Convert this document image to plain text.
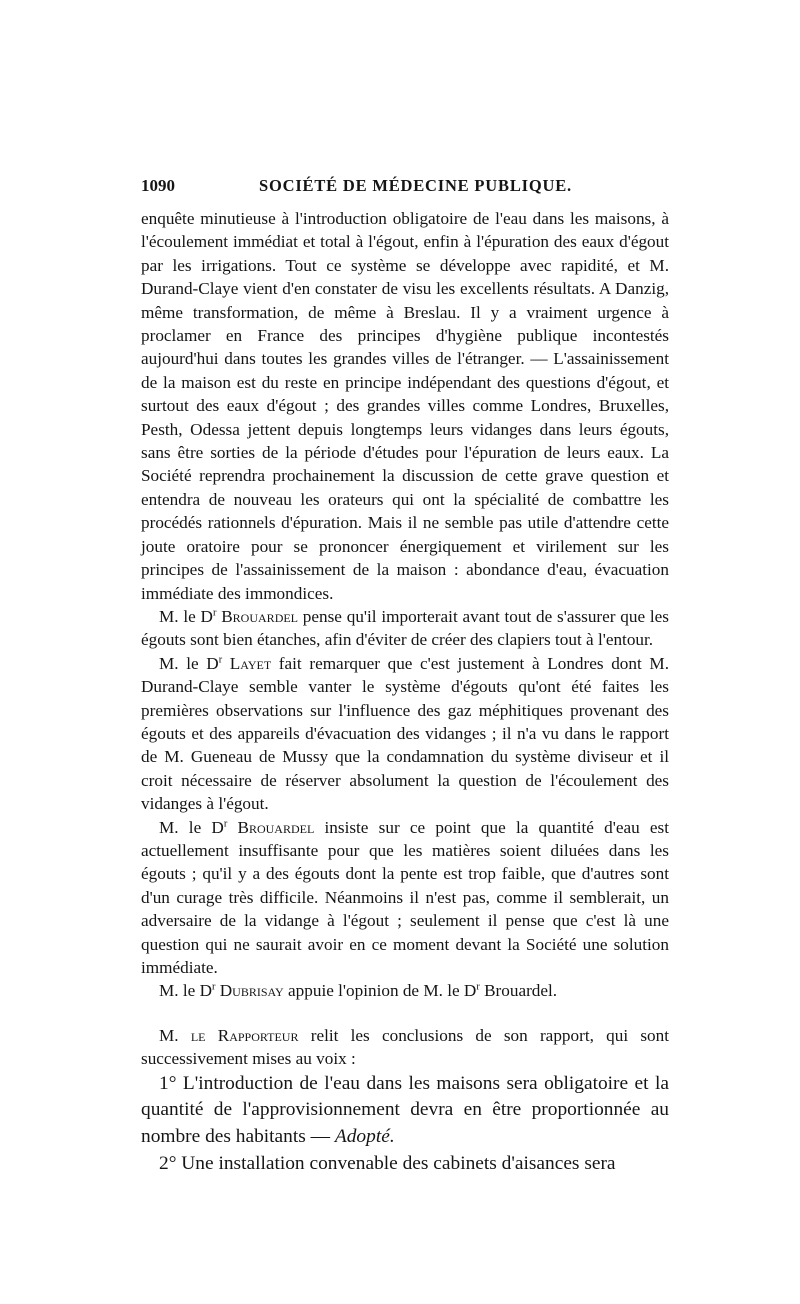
1090	SOCIÉTÉ DE MÉDECINE PUBLIQUE.

enquête minutieuse à l'introduction obligatoire de l'eau dans les maisons, à l'écoulement immédiat et total à l'égout, enfin à l'épuration des eaux d'égout par les irrigations. Tout ce système se développe avec rapidité, et M. Durand-Claye vient d'en constater de visu les excellents résultats. A Danzig, même transformation, de même à Breslau. Il y a vraiment urgence à proclamer en France des principes d'hygiène publique incontestés aujourd'hui dans toutes les grandes villes de l'étranger. — L'assainissement de la maison est du reste en principe indépendant des questions d'égout, et surtout des eaux d'égout ; des grandes villes comme Londres, Bruxelles, Pesth, Odessa jettent depuis longtemps leurs vidanges dans leurs égouts, sans être sorties de la période d'études pour l'épuration de leurs eaux. La Société reprendra prochainement la discussion de cette grave question et entendra de nouveau les orateurs qui ont la spécialité de combattre les procédés rationnels d'épuration. Mais il ne semble pas utile d'attendre cette joute oratoire pour se prononcer énergiquement et virilement sur les principes de l'assainissement de la maison : abondance d'eau, évacuation immédiate des immondices.

M. le $D^r$ Brouardel pense qu'il importerait avant tout de s'assurer que les égouts sont bien étanches, afin d'éviter de créer des clapiers tout à l'entour.

M. le $D^r$ Layet fait remarquer que c'est justement à Londres dont M. Durand-Claye semble vanter le système d'égouts qu'ont été faites les premières observations sur l'influence des gaz méphitiques provenant des égouts et des appareils d'évacuation des vidanges ; il n'a vu dans le rapport de M. Gueneau de Mussy que la condamnation du système diviseur et il croit nécessaire de réserver absolument la question de l'écoulement des vidanges à l'égout.

M. le $D^r$ Brouardel insiste sur ce point que la quantité d'eau est actuellement insuffisante pour que les matières soient diluées dans les égouts ; qu'il y a des égouts dont la pente est trop faible, que d'autres sont d'un curage très difficile. Néanmoins il n'est pas, comme il semblerait, un adversaire de la vidange à l'égout ; seulement il pense que c'est là une question qui ne saurait avoir en ce moment devant la Société une solution immédiate.

M. le $D^r$ Dubrisay appuie l'opinion de M. le $D^r$ Brouardel.

M. le Rapporteur relit les conclusions de son rapport, qui sont successivement mises au voix :

1° L'introduction de l'eau dans les maisons sera obligatoire et la quantité de l'approvisionnement devra en être proportionnée au nombre des habitants — Adopté.

2° Une installation convenable des cabinets d'aisances sera
